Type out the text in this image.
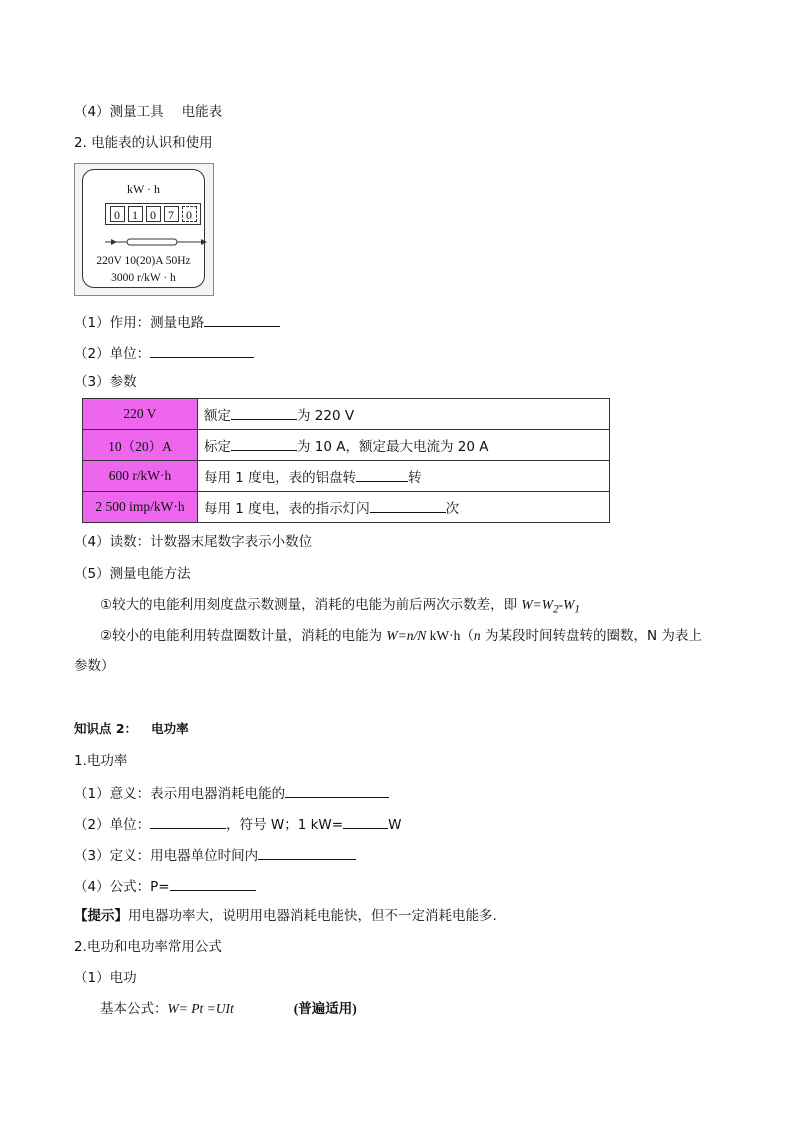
（4）测量工具 电能表
2. 电能表的认识和使用
kW · h
0	1	0	7	0
220V 10(20)A 50Hz
3000 r/kW · h
（1）作用：测量电路
（2）单位：
（3）参数
220 V	额定 为 220 V
10（20）A	标定 为 10 A，额定最大电流为 20 A
600 r/kW·h	每用 1 度电，表的铝盘转 转
2 500 imp/kW·h	每用 1 度电，表的指示灯闪 次
（4）读数：计数器末尾数字表示小数位
（5）测量电能方法
①较大的电能利用刻度盘示数测量，消耗的电能为前后两次示数差，即 $W=W_2-W_1$
②较小的电能利用转盘圈数计量，消耗的电能为 W=n/N kW·h（n 为某段时间转盘转的圈数，N 为表上
参数）
知识点 2： 电功率
1.电功率
（1）意义：表示用电器消耗电能的
（2）单位：	，符号 W；1 kW=	W
（3）定义：用电器单位时间内
（4）公式：P=
【提示】用电器功率大，说明用电器消耗电能快，但不一定消耗电能多.
2.电功和电功率常用公式
（1）电功
基本公式：W= Pt =UIt	(普遍适用)
